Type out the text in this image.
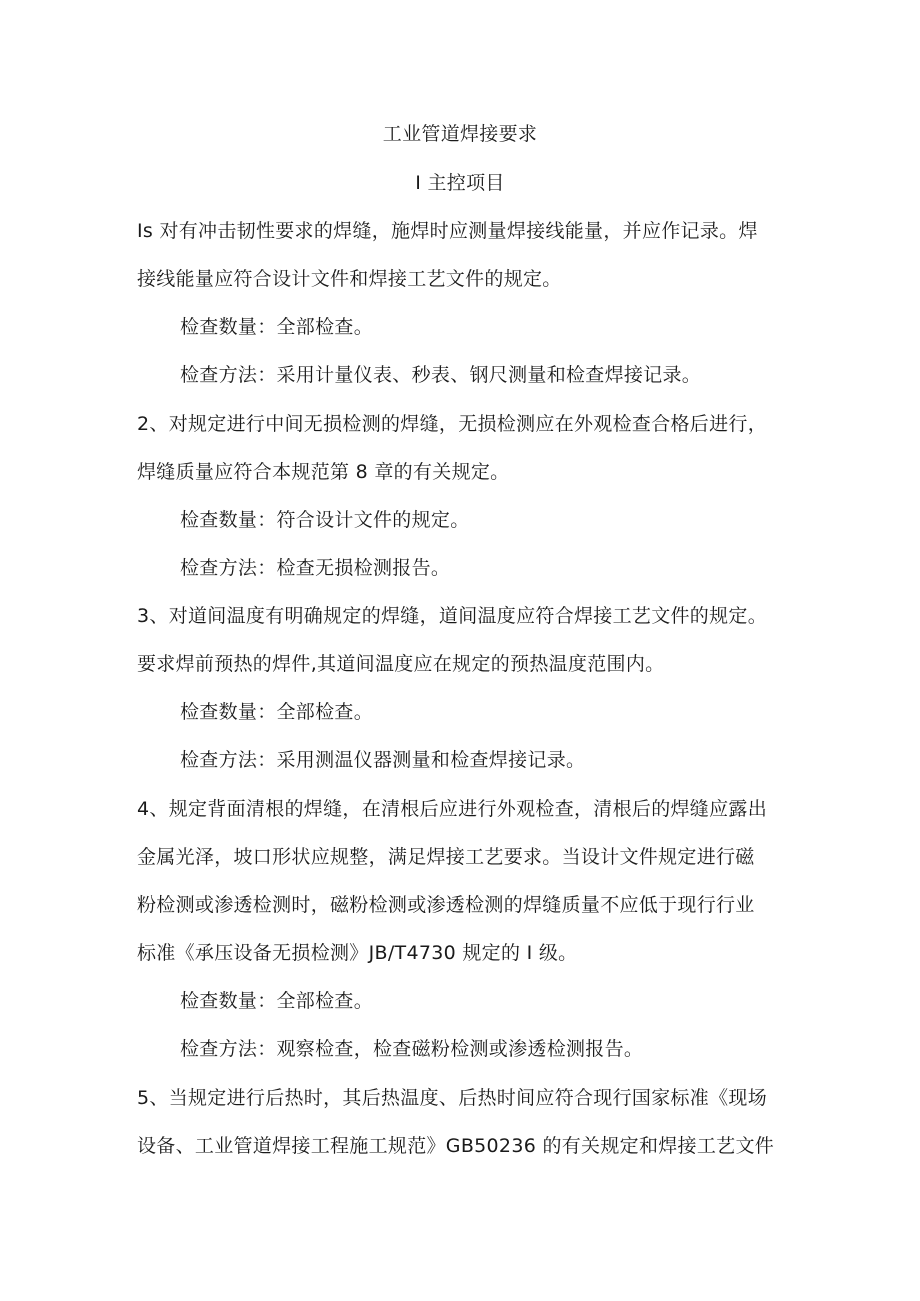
工业管道焊接要求
I 主控项目
Is 对有冲击韧性要求的焊缝，施焊时应测量焊接线能量，并应作记录。焊
接线能量应符合设计文件和焊接工艺文件的规定。
检查数量：全部检查。
检查方法：采用计量仪表、秒表、钢尺测量和检查焊接记录。
2、对规定进行中间无损检测的焊缝，无损检测应在外观检查合格后进行，
焊缝质量应符合本规范第 8 章的有关规定。
检查数量：符合设计文件的规定。
检查方法：检查无损检测报告。
3、对道间温度有明确规定的焊缝，道间温度应符合焊接工艺文件的规定。
要求焊前预热的焊件,其道间温度应在规定的预热温度范围内。
检查数量：全部检查。
检查方法：采用测温仪器测量和检查焊接记录。
4、规定背面清根的焊缝，在清根后应进行外观检查，清根后的焊缝应露出
金属光泽，坡口形状应规整，满足焊接工艺要求。当设计文件规定进行磁
粉检测或渗透检测时，磁粉检测或渗透检测的焊缝质量不应低于现行行业
标准《承压设备无损检测》JB/T4730 规定的 I 级。
检查数量：全部检查。
检查方法：观察检查，检查磁粉检测或渗透检测报告。
5、当规定进行后热时，其后热温度、后热时间应符合现行国家标准《现场
设备、工业管道焊接工程施工规范》GB50236 的有关规定和焊接工艺文件
